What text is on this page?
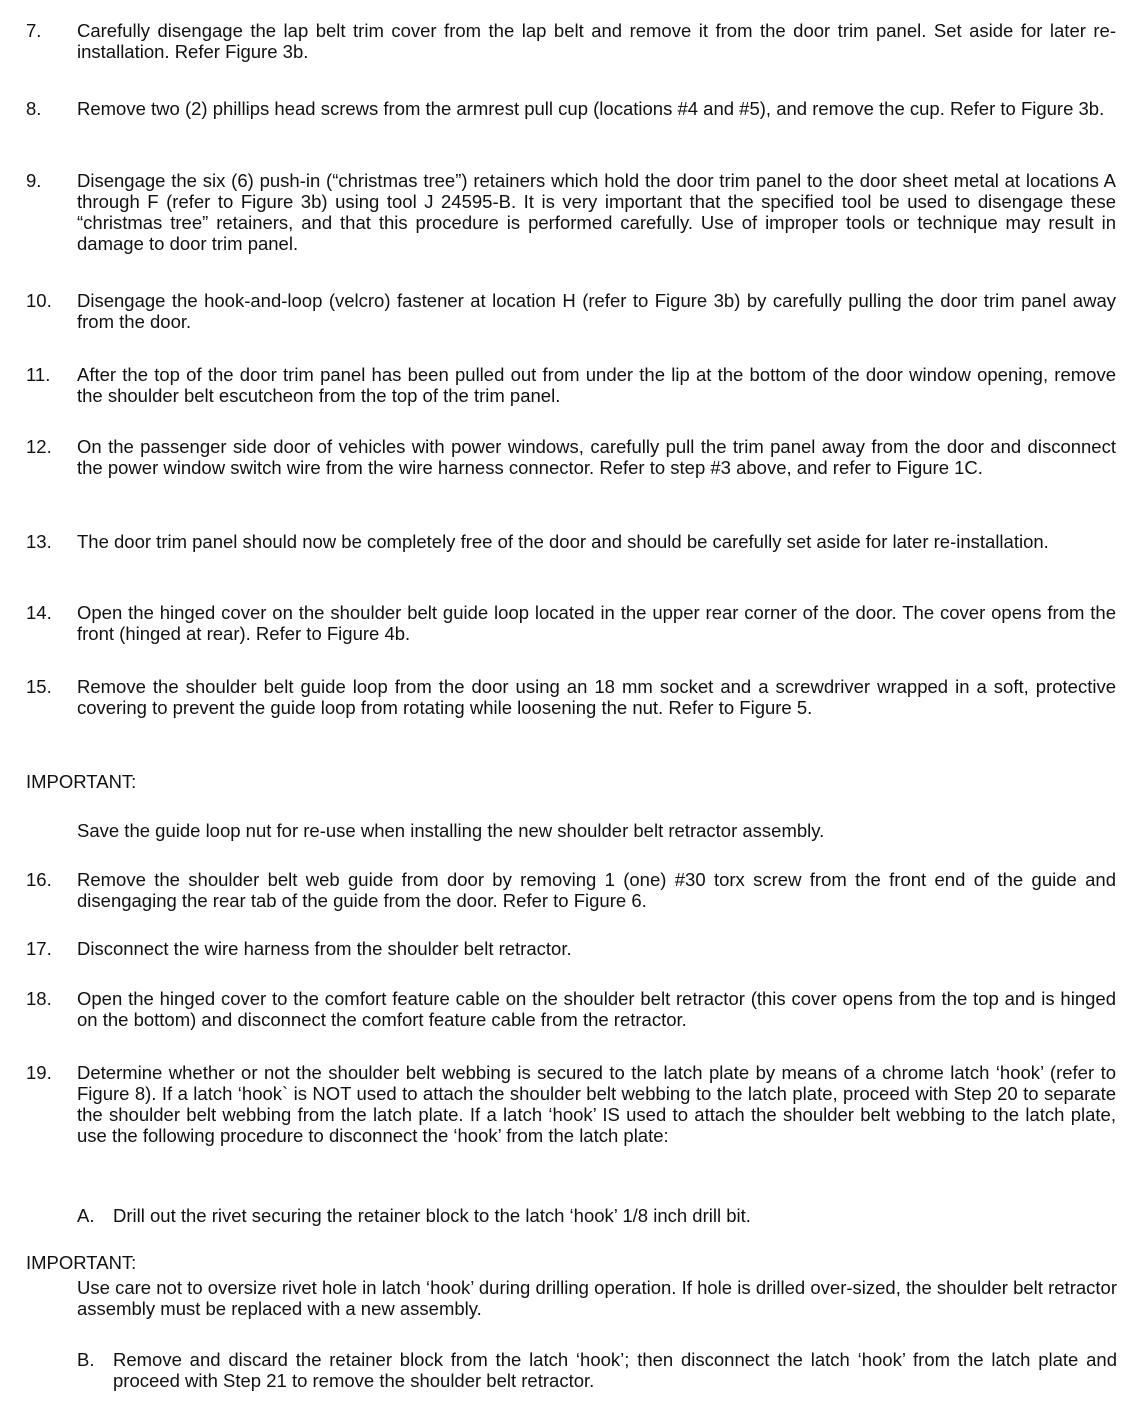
7.	Carefully disengage the lap belt trim cover from the lap belt and remove it from the door trim panel. Set aside for later re-installation. Refer Figure 3b.
8.	Remove two (2) phillips head screws from the armrest pull cup (locations #4 and #5), and remove the cup. Refer to Figure 3b.
9.	Disengage the six (6) push-in (“christmas tree”) retainers which hold the door trim panel to the door sheet metal at locations A through F (refer to Figure 3b) using tool J 24595-B. It is very important that the specified tool be used to disengage these “christmas tree” retainers, and that this procedure is performed carefully. Use of improper tools or technique may result in damage to door trim panel.
10.	Disengage the hook-and-loop (velcro) fastener at location H (refer to Figure 3b) by carefully pulling the door trim panel away from the door.
11.	After the top of the door trim panel has been pulled out from under the lip at the bottom of the door window opening, remove the shoulder belt escutcheon from the top of the trim panel.
12.	On the passenger side door of vehicles with power windows, carefully pull the trim panel away from the door and disconnect the power window switch wire from the wire harness connector. Refer to step #3 above, and refer to Figure 1C.
13.	The door trim panel should now be completely free of the door and should be carefully set aside for later re-installation.
14.	Open the hinged cover on the shoulder belt guide loop located in the upper rear corner of the door. The cover opens from the front (hinged at rear). Refer to Figure 4b.
15.	Remove the shoulder belt guide loop from the door using an 18 mm socket and a screwdriver wrapped in a soft, protective covering to prevent the guide loop from rotating while loosening the nut. Refer to Figure 5.
IMPORTANT:
Save the guide loop nut for re-use when installing the new shoulder belt retractor assembly.
16.	Remove the shoulder belt web guide from door by removing 1 (one) #30 torx screw from the front end of the guide and disengaging the rear tab of the guide from the door. Refer to Figure 6.
17.	Disconnect the wire harness from the shoulder belt retractor.
18.	Open the hinged cover to the comfort feature cable on the shoulder belt retractor (this cover opens from the top and is hinged on the bottom) and disconnect the comfort feature cable from the retractor.
19.	Determine whether or not the shoulder belt webbing is secured to the latch plate by means of a chrome latch ‘hook’ (refer to Figure 8). If a latch ‘hook` is NOT used to attach the shoulder belt webbing to the latch plate, proceed with Step 20 to separate the shoulder belt webbing from the latch plate. If a latch ‘hook’ IS used to attach the shoulder belt webbing to the latch plate, use the following procedure to disconnect the ‘hook’ from the latch plate:
A.	Drill out the rivet securing the retainer block to the latch ‘hook’ 1/8 inch drill bit.
IMPORTANT:
Use care not to oversize rivet hole in latch ‘hook’ during drilling operation. If hole is drilled over-sized, the shoulder belt retractor assembly must be replaced with a new assembly.
B.	Remove and discard the retainer block from the latch ‘hook’; then disconnect the latch ‘hook’ from the latch plate and proceed with Step 21 to remove the shoulder belt retractor.
